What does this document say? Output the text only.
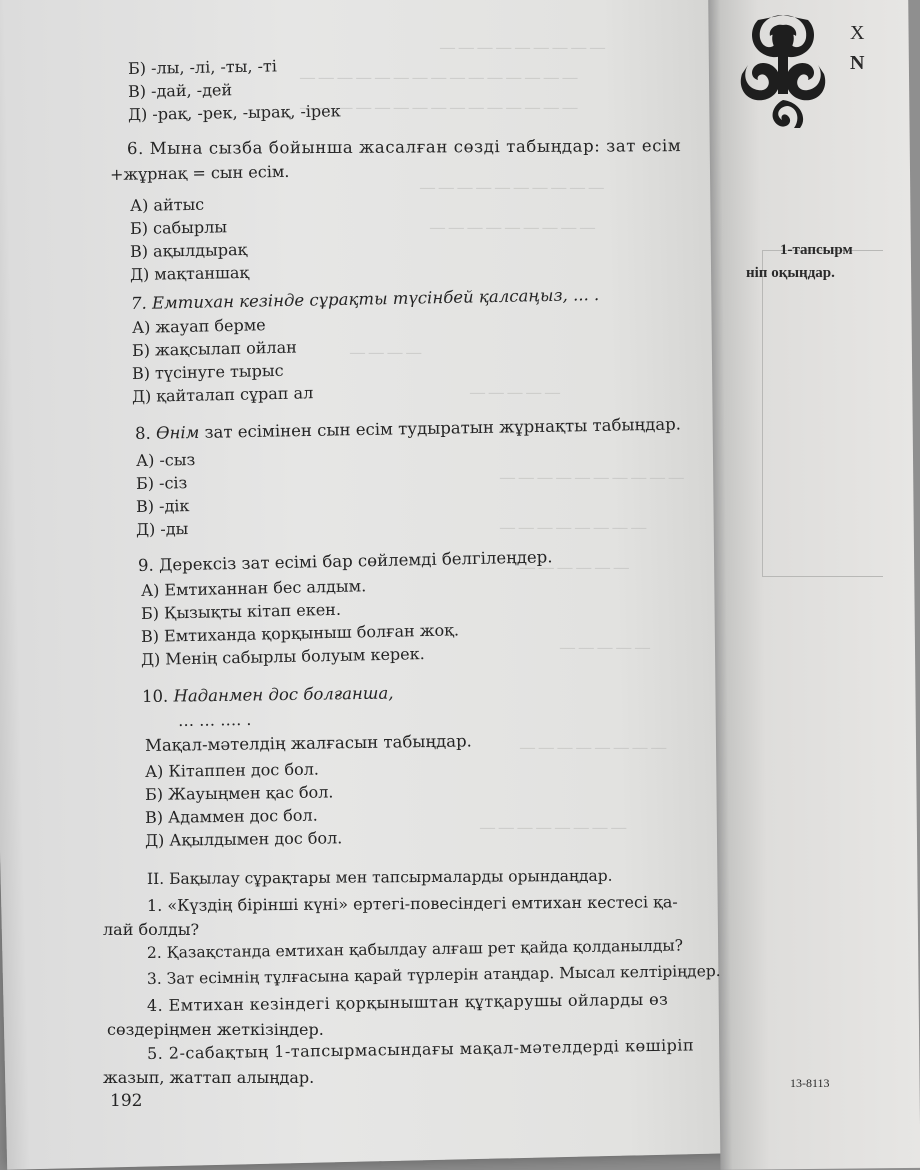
— — — — — — — — —
— — — — — — — — — — — — — — —
— — — — — — — — — — — — — — —
— — — — — — — — — —
— — — — — — — — —
— — — —
— — — — —
— — — — — — — — — —
— — — — — — — —
— — — — — —
— — — — —
— — — — — — — —
— — — — — — — —
Х
N
1-тапсырм
ніп оқыңдар.
13-8113
Б) -лы, -лі, -ты, -ті
В) -дай, -дей
Д) -рақ, -рек, -ырақ, -ірек
6. Мына сызба бойынша жасалған сөзді табыңдар: зат есім
+жұрнақ = сын есім.
А) айтыс
Б) сабырлы
В) ақылдырақ
Д) мақтаншақ
7. Емтихан кезінде сұрақты түсінбей қалсаңыз, ... .
А) жауап берме
Б) жақсылап ойлан
В) түсінуге тырыс
Д) қайталап сұрап ал
8. Өнім зат есімінен сын есім тудыратын жұрнақты табыңдар.
А) -сыз
Б) -сіз
В) -дік
Д) -ды
9. Дерексіз зат есімі бар сөйлемді белгілеңдер.
А) Емтиханнан бес алдым.
Б) Қызықты кітап екен.
В) Емтиханда қорқыныш болған жоқ.
Д) Менің сабырлы болуым керек.
10. Наданмен дос болғанша,
… … …. .
Мақал-мәтелдің жалғасын табыңдар.
А) Кітаппен дос бол.
Б) Жауыңмен қас бол.
В) Адаммен дос бол.
Д) Ақылдымен дос бол.
II. Бақылау сұрақтары мен тапсырмаларды орындаңдар.
1. «Күздің бірінші күні» ертегі-повесіндегі емтихан кестесі қа-
лай болды?
2. Қазақстанда емтихан қабылдау алғаш рет қайда қолданылды?
3. Зат есімнің тұлғасына қарай түрлерін атаңдар. Мысал келтіріңдер.
4. Емтихан кезіндегі қорқыныштан құтқарушы ойларды өз
сөздеріңмен жеткізіңдер.
5. 2-сабақтың 1-тапсырмасындағы мақал-мәтелдерді көшіріп
жазып, жаттап алыңдар.
192
